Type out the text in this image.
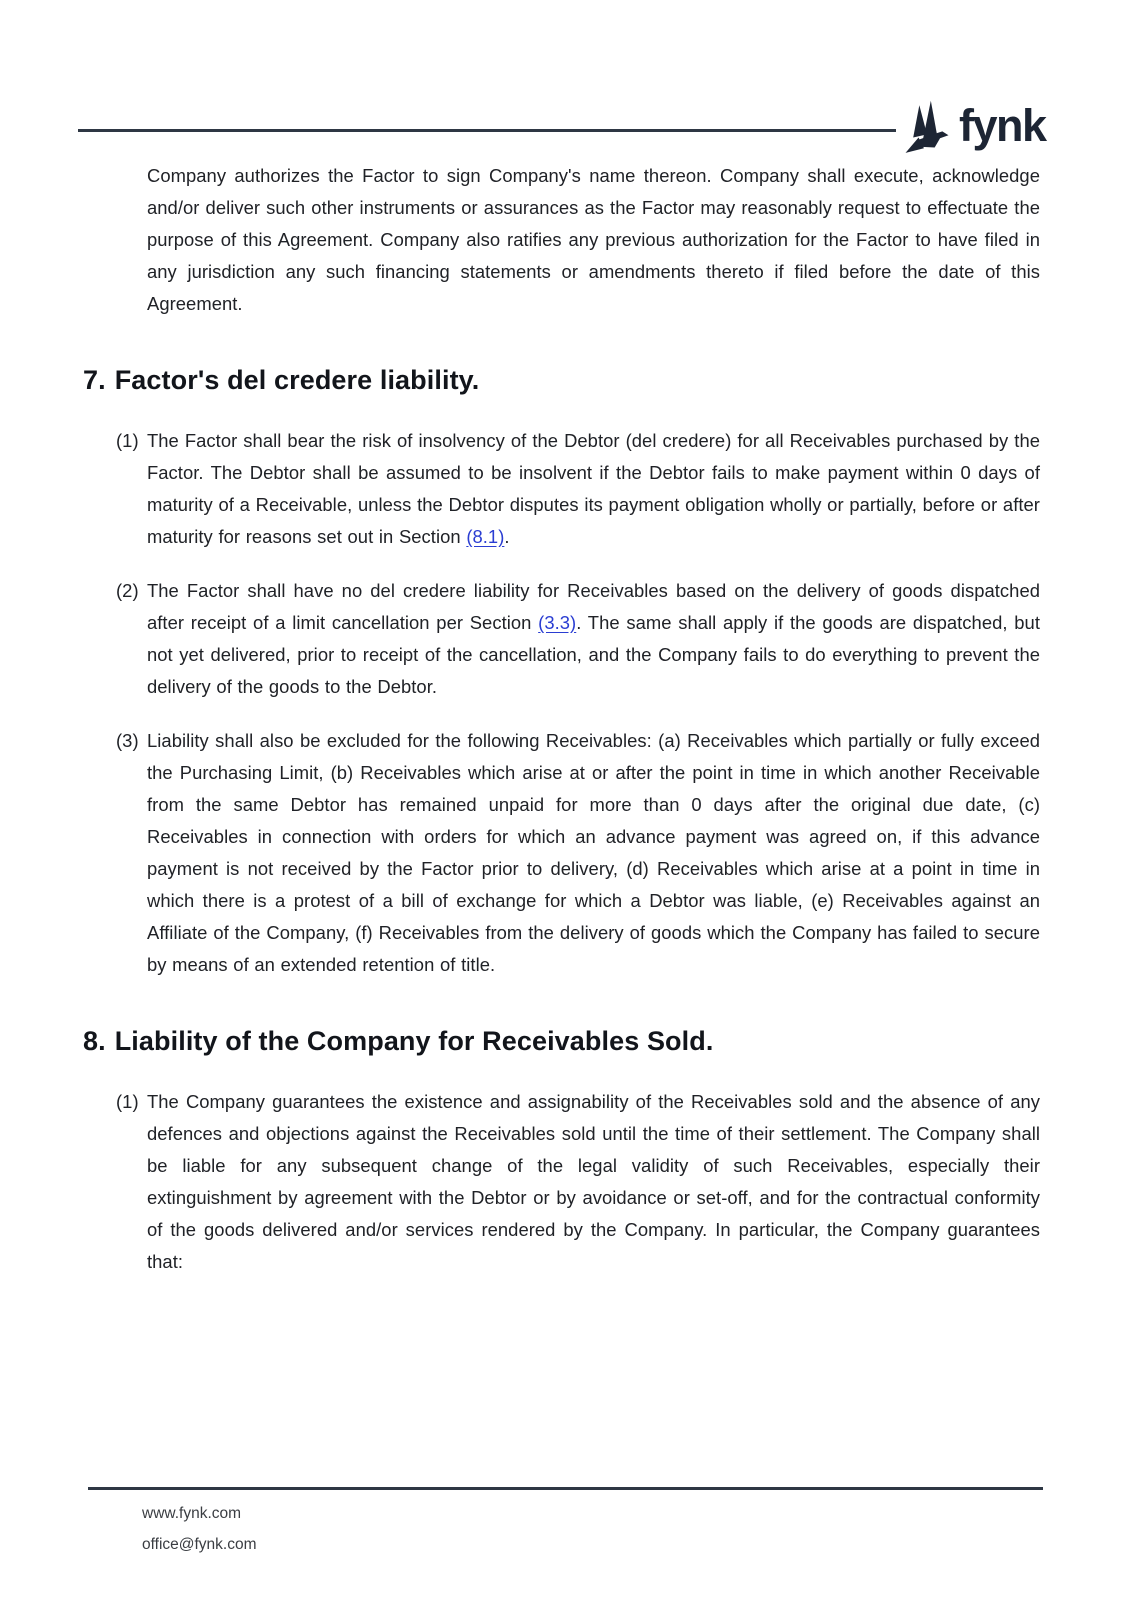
fynk

Company authorizes the Factor to sign Company's name thereon. Company shall execute, acknowledge and/or deliver such other instruments or assurances as the Factor may reasonably request to effectuate the purpose of this Agreement. Company also ratifies any previous authorization for the Factor to have filed in any jurisdiction any such financing statements or amendments thereto if filed before the date of this Agreement.

7. Factor's del credere liability.
(1) The Factor shall bear the risk of insolvency of the Debtor (del credere) for all Receivables purchased by the Factor. The Debtor shall be assumed to be insolvent if the Debtor fails to make payment within 0 days of maturity of a Receivable, unless the Debtor disputes its payment obligation wholly or partially, before or after maturity for reasons set out in Section (8.1).
(2) The Factor shall have no del credere liability for Receivables based on the delivery of goods dispatched after receipt of a limit cancellation per Section (3.3). The same shall apply if the goods are dispatched, but not yet delivered, prior to receipt of the cancellation, and the Company fails to do everything to prevent the delivery of the goods to the Debtor.
(3) Liability shall also be excluded for the following Receivables: (a) Receivables which partially or fully exceed the Purchasing Limit, (b) Receivables which arise at or after the point in time in which another Receivable from the same Debtor has remained unpaid for more than 0 days after the original due date, (c) Receivables in connection with orders for which an advance payment was agreed on, if this advance payment is not received by the Factor prior to delivery, (d) Receivables which arise at a point in time in which there is a protest of a bill of exchange for which a Debtor was liable, (e) Receivables against an Affiliate of the Company, (f) Receivables from the delivery of goods which the Company has failed to secure by means of an extended retention of title.
8. Liability of the Company for Receivables Sold.
(1) The Company guarantees the existence and assignability of the Receivables sold and the absence of any defences and objections against the Receivables sold until the time of their settlement. The Company shall be liable for any subsequent change of the legal validity of such Receivables, especially their extinguishment by agreement with the Debtor or by avoidance or set-off, and for the contractual conformity of the goods delivered and/or services rendered by the Company. In particular, the Company guarantees that:
www.fynk.com
office@fynk.com
